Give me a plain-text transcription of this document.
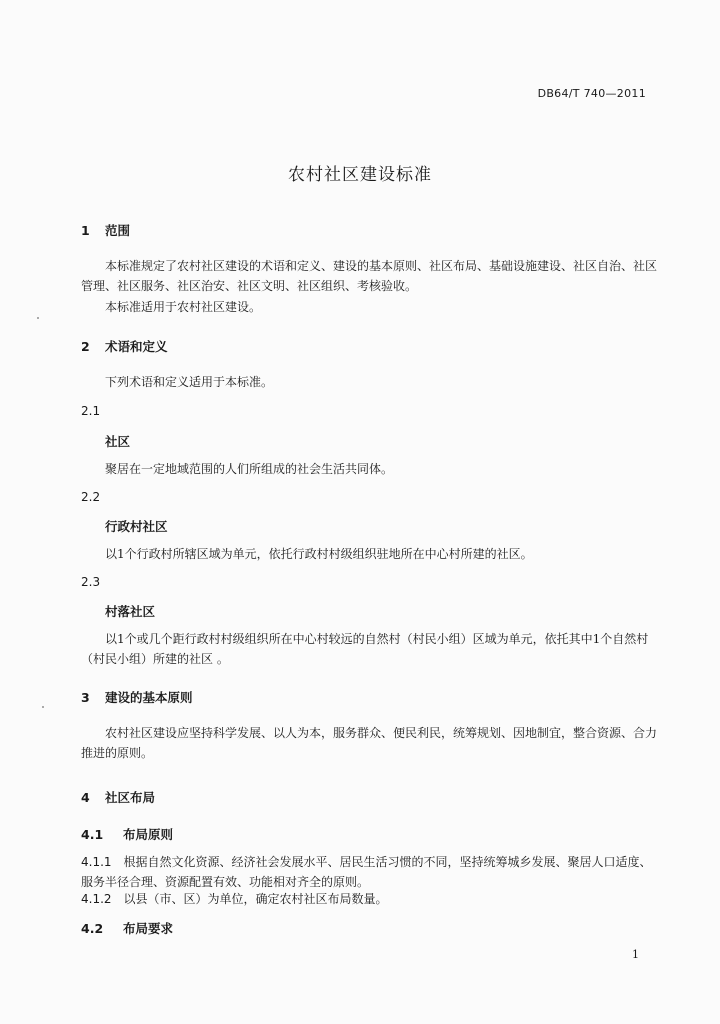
DB64/T 740—2011
农村社区建设标准
1 范围
本标准规定了农村社区建设的术语和定义、建设的基本原则、社区布局、基础设施建设、社区自治、社区管理、社区服务、社区治安、社区文明、社区组织、考核验收。
本标准适用于农村社区建设。
2 术语和定义
下列术语和定义适用于本标准。
2.1
社区
聚居在一定地域范围的人们所组成的社会生活共同体。
2.2
行政村社区
以1个行政村所辖区域为单元，依托行政村村级组织驻地所在中心村所建的社区。
2.3
村落社区
以1个或几个距行政村村级组织所在中心村较远的自然村（村民小组）区域为单元，依托其中1个自然村（村民小组）所建的社区 。
3 建设的基本原则
农村社区建设应坚持科学发展、以人为本，服务群众、便民利民，统筹规划、因地制宜，整合资源、合力推进的原则。
4 社区布局
4.1 布局原则
4.1.1 根据自然文化资源、经济社会发展水平、居民生活习惯的不同，坚持统筹城乡发展、聚居人口适度、服务半径合理、资源配置有效、功能相对齐全的原则。
4.1.2 以县（市、区）为单位，确定农村社区布局数量。
4.2 布局要求
1
